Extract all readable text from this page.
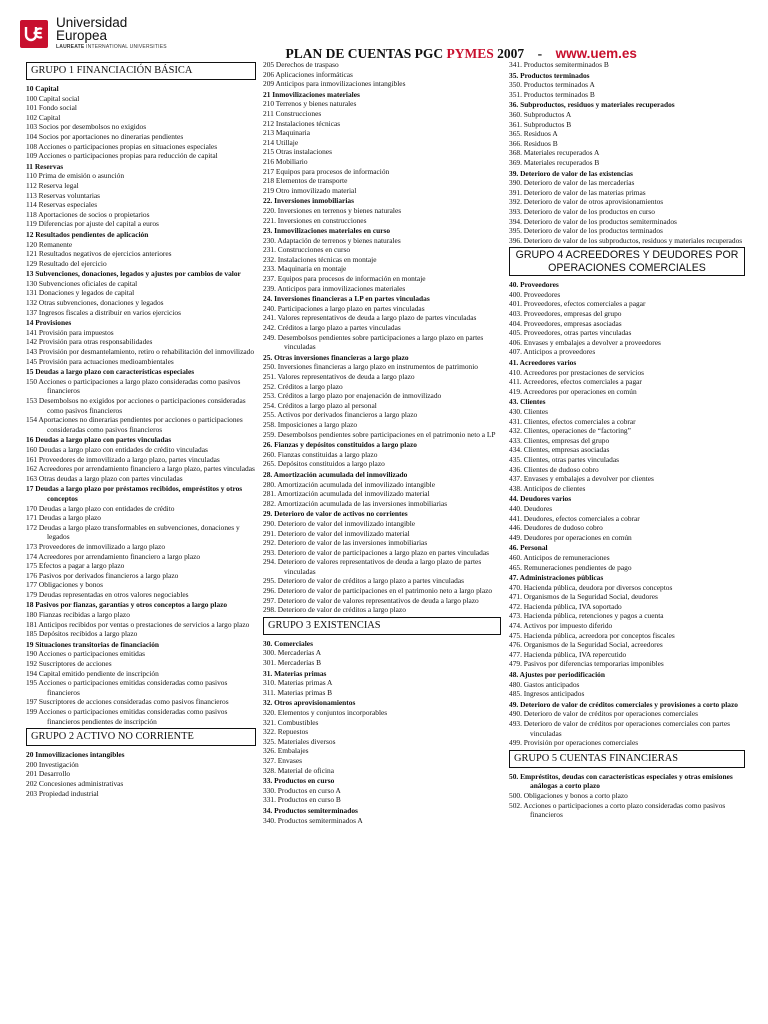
Universidad
Europea
LAUREATE INTERNATIONAL UNIVERSITIES	PLAN DE CUENTAS PGC PYMES 2007    -    www.uem.es

GRUPO 1 FINANCIACIÓN BÁSICA
10 Capital
100 Capital social
101 Fondo social
102 Capital
103 Socios por desembolsos no exigidos
104 Socios por aportaciones no dinerarias pendientes
108 Acciones o participaciones propias en situaciones especiales
109 Acciones o participaciones propias para reducción de capital
11 Reservas
110 Prima de emisión o asunción
112 Reserva legal
113 Reservas voluntarias
114 Reservas especiales
118 Aportaciones de socios o propietarios
119 Diferencias por ajuste del capital a euros
12 Resultados pendientes de aplicación
120 Remanente
121 Resultados negativos de ejercicios anteriores
129 Resultado del ejercicio
13 Subvenciones, donaciones, legados y ajustes por cambios de valor
130 Subvenciones oficiales de capital
131 Donaciones y legados de capital
132 Otras subvenciones, donaciones y legados
137 Ingresos fiscales a distribuir en varios ejercicios
14 Provisiones
141 Provisión para impuestos
142 Provisión para otras responsabilidades
143 Provisión por desmantelamiento, retiro o rehabilitación del inmovilizado
145 Provisión para actuaciones medioambientales
15 Deudas a largo plazo con características especiales
150 Acciones o participaciones a largo plazo consideradas como pasivos financieros
153 Desembolsos no exigidos por acciones o participaciones consideradas como pasivos financieros
154 Aportaciones no dinerarias pendientes por acciones o participaciones consideradas como pasivos financieros
16 Deudas a largo plazo con partes vinculadas
160 Deudas a largo plazo con entidades de crédito vinculadas
161 Proveedores de inmovilizado a largo plazo, partes vinculadas
162 Acreedores por arrendamiento financiero a largo plazo, partes vinculadas
163 Otras deudas a largo plazo con partes vinculadas
17 Deudas a largo plazo por préstamos recibidos, empréstitos y otros conceptos
170 Deudas a largo plazo con entidades de crédito
171 Deudas a largo plazo
172 Deudas a largo plazo transformables en subvenciones, donaciones y legados
173 Proveedores de inmovilizado a largo plazo
174 Acreedores por arrendamiento financiero a largo plazo
175 Efectos a pagar a largo plazo
176 Pasivos por derivados financieros a largo plazo
177 Obligaciones y bonos
179 Deudas representadas en otros valores negociables
18 Pasivos por fianzas, garantías y otros conceptos a largo plazo
180 Fianzas recibidas a largo plazo
181 Anticipos recibidos por ventas o prestaciones de servicios a largo plazo
185 Depósitos recibidos a largo plazo
19 Situaciones transitorias de financiación
190 Acciones o participaciones emitidas
192 Suscriptores de acciones
194 Capital emitido pendiente de inscripción
195 Acciones o participaciones emitidas consideradas como pasivos financieros
197 Suscriptores de acciones consideradas como pasivos financieros
199 Acciones o participaciones emitidas consideradas como pasivos financieros pendientes de inscripción
GRUPO 2 ACTIVO NO CORRIENTE
20 Inmovilizaciones intangibles
200 Investigación
201 Desarrollo
202 Concesiones administrativas
203 Propiedad industrial
205 Derechos de traspaso
206 Aplicaciones informáticas
209 Anticipos para inmovilizaciones intangibles
21 Inmovilizaciones materiales
210 Terrenos y bienes naturales
211 Construcciones
212 Instalaciones técnicas
213 Maquinaria
214 Utillaje
215 Otras instalaciones
216 Mobiliario
217 Equipos para procesos de información
218 Elementos de transporte
219 Otro inmovilizado material
22. Inversiones inmobiliarias
220. Inversiones en terrenos y bienes naturales
221. Inversiones en construcciones
23. Inmovilizaciones materiales en curso
230. Adaptación de terrenos y bienes naturales
231. Construcciones en curso
232. Instalaciones técnicas en montaje
233. Maquinaria en montaje
237. Equipos para procesos de información en montaje
239. Anticipos para inmovilizaciones materiales
24. Inversiones financieras a LP en partes vinculadas
240. Participaciones a largo plazo en partes vinculadas
241. Valores representativos de deuda a largo plazo de partes vinculadas
242. Créditos a largo plazo a partes vinculadas
249. Desembolsos pendientes sobre participaciones a largo plazo en partes vinculadas
25. Otras inversiones financieras a largo plazo
250. Inversiones financieras a largo plazo en instrumentos de patrimonio
251. Valores representativos de deuda a largo plazo
252. Créditos a largo plazo
253. Créditos a largo plazo por enajenación de inmovilizado
254. Créditos a largo plazo al personal
255. Activos por derivados financieros a largo plazo
258. Imposiciones a largo plazo
259. Desembolsos pendientes sobre participaciones en el patrimonio neto a LP
26. Fianzas y depósitos constituidos a largo plazo
260. Fianzas constituidas a largo plazo
265. Depósitos constituidos a largo plazo
28. Amortización acumulada del inmovilizado
280. Amortización acumulada del inmovilizado intangible
281. Amortización acumulada del inmovilizado material
282. Amortización acumulada de las inversiones inmobiliarias
29. Deterioro de valor de activos no corrientes
290. Deterioro de valor del inmovilizado intangible
291. Deterioro de valor del inmovilizado material
292. Deterioro de valor de las inversiones inmobiliarias
293. Deterioro de valor de participaciones a largo plazo en partes vinculadas
294. Deterioro de valores representativos de deuda a largo plazo de partes vinculadas
295. Deterioro de valor de créditos a largo plazo a partes vinculadas
296. Deterioro de valor de participaciones en el patrimonio neto a largo plazo
297. Deterioro de valor de valores representativos de deuda a largo plazo
298. Deterioro de valor de créditos a largo plazo
GRUPO 3 EXISTENCIAS
30. Comerciales
300. Mercaderías A
301. Mercaderías B
31. Materias primas
310. Materias primas A
311. Materias primas B
32. Otros aprovisionamientos
320. Elementos y conjuntos incorporables
321. Combustibles
322. Repuestos
325. Materiales diversos
326. Embalajes
327. Envases
328. Material de oficina
33. Productos en curso
330. Productos en curso A
331. Productos en curso B
34. Productos semiterminados
340. Productos semiterminados A
341. Productos semiterminados B
35. Productos terminados
350. Productos terminados A
351. Productos terminados B
36. Subproductos, residuos y materiales recuperados
360. Subproductos A
361. Subproductos B
365. Residuos A
366. Residuos B
368. Materiales recuperados A
369. Materiales recuperados B
39. Deterioro de valor de las existencias
390. Deterioro de valor de las mercaderías
391. Deterioro de valor de las materias primas
392. Deterioro de valor de otros aprovisionamientos
393. Deterioro de valor de los productos en curso
394. Deterioro de valor de los productos semiterminados
395. Deterioro de valor de los productos terminados
396. Deterioro de valor de los subproductos, residuos y materiales recuperados
GRUPO 4 ACREEDORES Y DEUDORES POR OPERACIONES COMERCIALES
40. Proveedores
400. Proveedores
401. Proveedores, efectos comerciales a pagar
403. Proveedores, empresas del grupo
404. Proveedores, empresas asociadas
405. Proveedores, otras partes vinculadas
406. Envases y embalajes a devolver a proveedores
407. Anticipos a proveedores
41. Acreedores varios
410. Acreedores por prestaciones de servicios
411. Acreedores, efectos comerciales a pagar
419. Acreedores por operaciones en común
43. Clientes
430. Clientes
431. Clientes, efectos comerciales a cobrar
432. Clientes, operaciones de “factoring”
433. Clientes, empresas del grupo
434. Clientes, empresas asociadas
435. Clientes, otras partes vinculadas
436. Clientes de dudoso cobro
437. Envases y embalajes a devolver por clientes
438. Anticipos de clientes
44. Deudores varios
440. Deudores
441. Deudores, efectos comerciales a cobrar
446. Deudores de dudoso cobro
449. Deudores por operaciones en común
46. Personal
460. Anticipos de remuneraciones
465. Remuneraciones pendientes de pago
47. Administraciones públicas
470. Hacienda pública, deudora por diversos conceptos
471. Organismos de la Seguridad Social, deudores
472. Hacienda pública, IVA soportado
473. Hacienda pública, retenciones y pagos a cuenta
474. Activos por impuesto diferido
475. Hacienda pública, acreedora por conceptos fiscales
476. Organismos de la Seguridad Social, acreedores
477. Hacienda pública, IVA repercutido
479. Pasivos por diferencias temporarias imponibles
48. Ajustes por periodificación
480. Gastos anticipados
485. Ingresos anticipados
49. Deterioro de valor de créditos comerciales y provisiones a corto plazo
490. Deterioro de valor de créditos por operaciones comerciales
493. Deterioro de valor de créditos por operaciones comerciales con partes vinculadas
499. Provisión por operaciones comerciales
GRUPO 5 CUENTAS FINANCIERAS
50. Empréstitos, deudas con características especiales y otras emisiones análogas a corto plazo
500. Obligaciones y bonos a corto plazo
502. Acciones o participaciones a corto plazo consideradas como pasivos financieros
